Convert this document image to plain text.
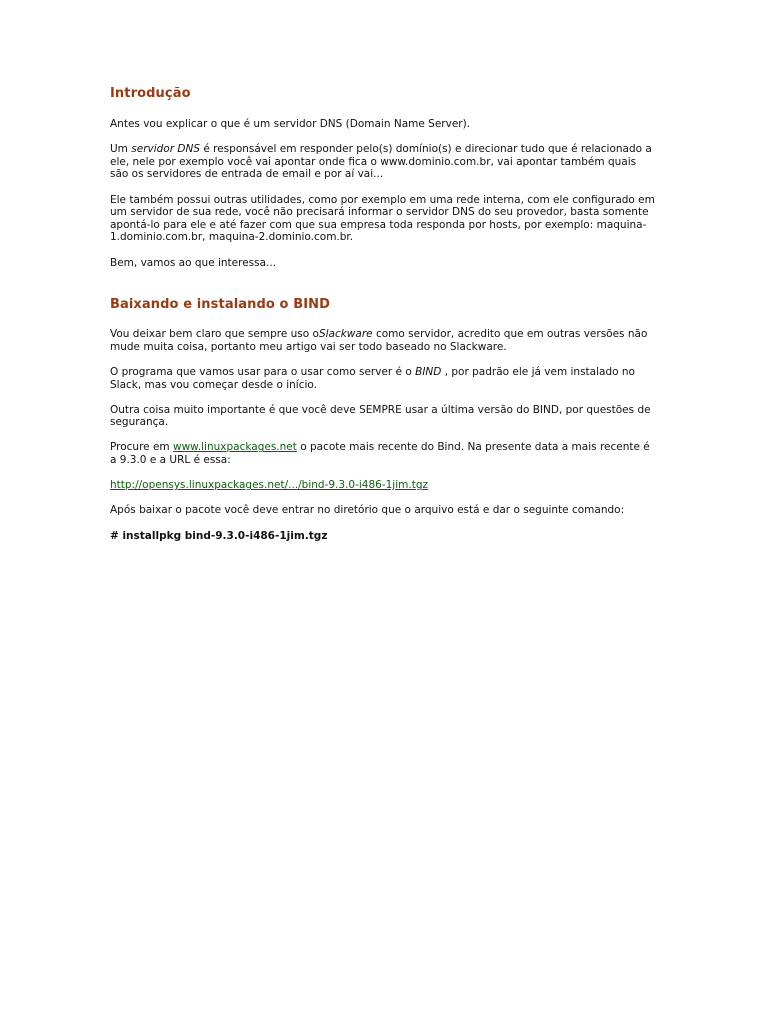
Introdução

Antes vou explicar o que é um servidor DNS (Domain Name Server).

Um servidor DNS é responsável em responder pelo(s) domínio(s) e direcionar tudo que é relacionado a ele, nele por exemplo você vai apontar onde fica o www.dominio.com.br, vai apontar também quais são os servidores de entrada de email e por aí vai...

Ele também possui outras utilidades, como por exemplo em uma rede interna, com ele configurado em um servidor de sua rede, você não precisará informar o servidor DNS do seu provedor, basta somente apontá-lo para ele e até fazer com que sua empresa toda responda por hosts, por exemplo: maquina-1.dominio.com.br, maquina-2.dominio.com.br.

Bem, vamos ao que interessa...

Baixando e instalando o BIND

Vou deixar bem claro que sempre uso oSlackware como servidor, acredito que em outras versões não mude muita coisa, portanto meu artigo vai ser todo baseado no Slackware.

O programa que vamos usar para o usar como server é o BIND , por padrão ele já vem instalado no Slack, mas vou começar desde o início.

Outra coisa muito importante é que você deve SEMPRE usar a última versão do BIND, por questões de segurança.

Procure em www.linuxpackages.net o pacote mais recente do Bind. Na presente data a mais recente é a 9.3.0 e a URL é essa:

http://opensys.linuxpackages.net/.../bind-9.3.0-i486-1jim.tgz

Após baixar o pacote você deve entrar no diretório que o arquivo está e dar o seguinte comando:

# installpkg bind-9.3.0-i486-1jim.tgz
